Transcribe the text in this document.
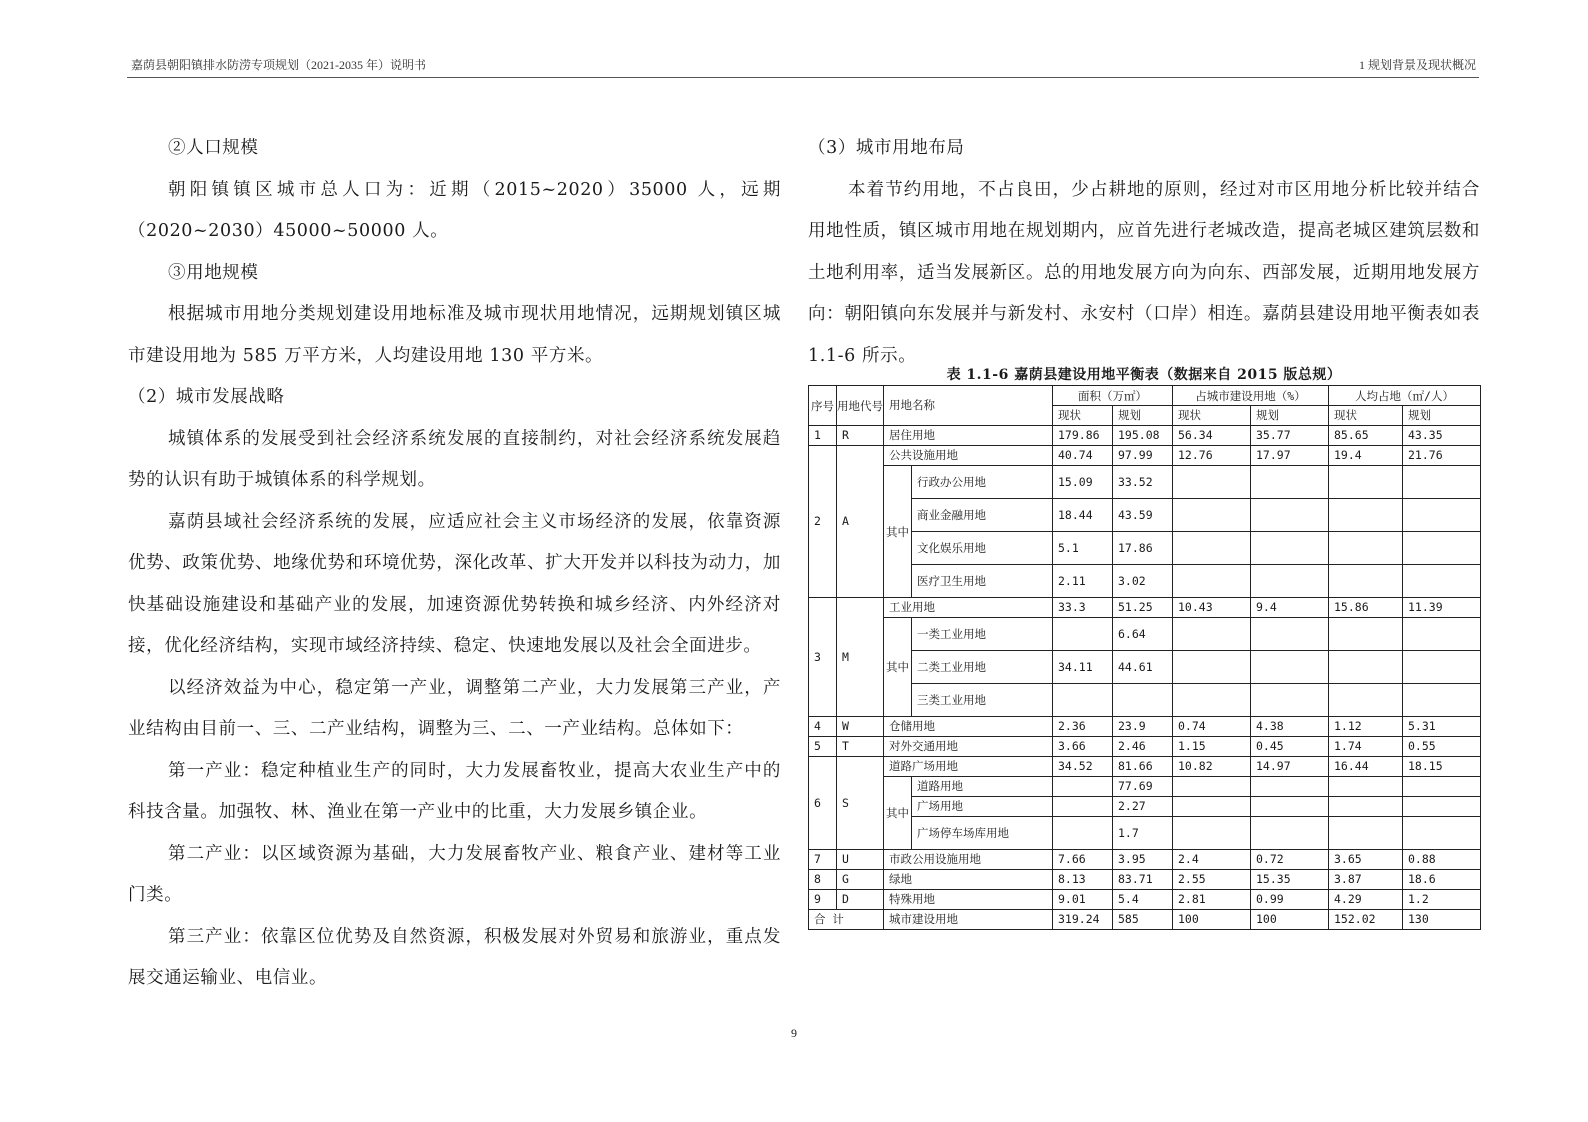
嘉荫县朝阳镇排水防涝专项规划（2021-2035 年）说明书	1 规划背景及现状概况

②人口规模

朝阳镇镇区城市总人口为：近期（2015~2020）35000 人，远期（2020~2030）45000~50000 人。

③用地规模

根据城市用地分类规划建设用地标准及城市现状用地情况，远期规划镇区城市建设用地为 585 万平方米，人均建设用地 130 平方米。

（2）城市发展战略

城镇体系的发展受到社会经济系统发展的直接制约，对社会经济系统发展趋势的认识有助于城镇体系的科学规划。

嘉荫县域社会经济系统的发展，应适应社会主义市场经济的发展，依靠资源优势、政策优势、地缘优势和环境优势，深化改革、扩大开发并以科技为动力，加快基础设施建设和基础产业的发展，加速资源优势转换和城乡经济、内外经济对接，优化经济结构，实现市域经济持续、稳定、快速地发展以及社会全面进步。

以经济效益为中心，稳定第一产业，调整第二产业，大力发展第三产业，产业结构由目前一、三、二产业结构，调整为三、二、一产业结构。总体如下：

第一产业：稳定种植业生产的同时，大力发展畜牧业，提高大农业生产中的科技含量。加强牧、林、渔业在第一产业中的比重，大力发展乡镇企业。

第二产业：以区域资源为基础，大力发展畜牧产业、粮食产业、建材等工业门类。

第三产业：依靠区位优势及自然资源，积极发展对外贸易和旅游业，重点发展交通运输业、电信业。

（3）城市用地布局

本着节约用地，不占良田，少占耕地的原则，经过对市区用地分析比较并结合用地性质，镇区城市用地在规划期内，应首先进行老城改造，提高老城区建筑层数和土地利用率，适当发展新区。总的用地发展方向为向东、西部发展，近期用地发展方向：朝阳镇向东发展并与新发村、永安村（口岸）相连。嘉荫县建设用地平衡表如表 1.1-6 所示。

表 1.1-6 嘉荫县建设用地平衡表（数据来自 2015 版总规）
序号	用地代号	用地名称		面积（万㎡）		占城市建设用地（%）		人均占地（㎡/人）	
				现状	规划	现状	规划	现状	规划
1	R	居住用地		179.86	195.08	56.34	35.77	85.65	43.35
2	A	公共设施用地		40.74	97.99	12.76	17.97	19.4	21.76
		其中	行政办公用地	15.09	33.52				
			商业金融用地	18.44	43.59				
			文化娱乐用地	5.1	17.86				
			医疗卫生用地	2.11	3.02				
3	M	工业用地		33.3	51.25	10.43	9.4	15.86	11.39
		其中	一类工业用地		6.64				
			二类工业用地	34.11	44.61				
			三类工业用地						
4	W	仓储用地		2.36	23.9	0.74	4.38	1.12	5.31
5	T	对外交通用地		3.66	2.46	1.15	0.45	1.74	0.55
6	S	道路广场用地		34.52	81.66	10.82	14.97	16.44	18.15
		其中	道路用地		77.69				
			广场用地		2.27				
			广场停车场库用地		1.7				
7	U	市政公用设施用地		7.66	3.95	2.4	0.72	3.65	0.88
8	G	绿地		8.13	83.71	2.55	15.35	3.87	18.6
9	D	特殊用地		9.01	5.4	2.81	0.99	4.29	1.2
合 计		城市建设用地		319.24	585	100	100	152.02	130
9
